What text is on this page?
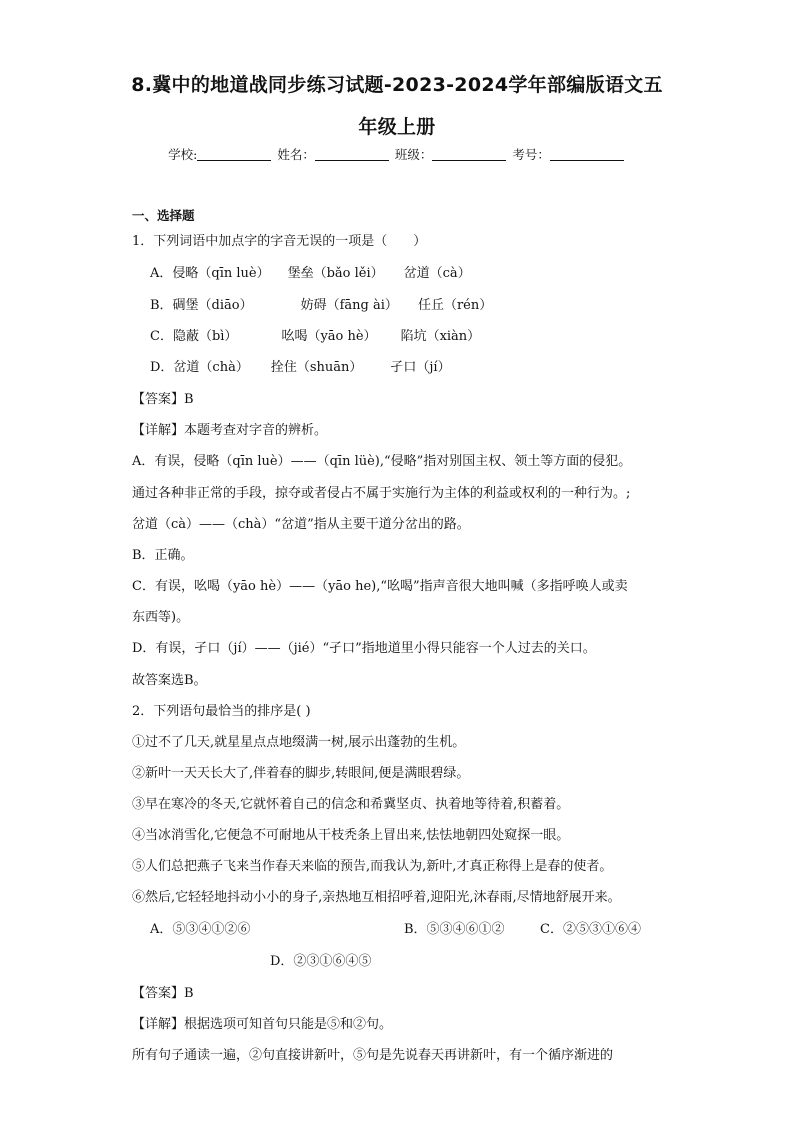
8.冀中的地道战同步练习试题-2023-2024学年部编版语文五
年级上册
学校:	姓名：	班级：	考号：
一、选择题
1．下列词语中加点字的字音无误的一项是（　　）
A．侵略（qīn luè） 堡垒（bǎo lěi） 岔道（cà）
B．碉堡（diāo）	妨碍（fāng ài） 任丘（rén）
C．隐蔽（bì）	吆喝（yāo hè） 陷坑（xiàn）
D．岔道（chà） 拴住（shuān） 孑口（jí）
【答案】B
【详解】本题考查对字音的辨析。
A．有误，侵略（qīn luè）——（qīn lüè),“侵略”指对别国主权、领土等方面的侵犯。
通过各种非正常的手段，掠夺或者侵占不属于实施行为主体的利益或权利的一种行为。;
岔道（cà）——（chà）“岔道”指从主要干道分岔出的路。
B．正确。
C．有误，吆喝（yāo hè）——（yāo he),“吆喝”指声音很大地叫喊（多指呼唤人或卖
东西等)。
D．有误，孑口（jí）——（jié）“孑口”指地道里小得只能容一个人过去的关口。
故答案选B。
2．下列语句最恰当的排序是( )
①过不了几天,就星星点点地缀满一树,展示出蓬勃的生机。
②新叶一天天长大了,伴着春的脚步,转眼间,便是满眼碧绿。
③早在寒冷的冬天,它就怀着自己的信念和希冀坚贞、执着地等待着,积蓄着。
④当冰消雪化,它便急不可耐地从干枝秃条上冒出来,怯怯地朝四处窥探一眼。
⑤人们总把燕子飞来当作春天来临的预告,而我认为,新叶,才真正称得上是春的使者。
⑥然后,它轻轻地抖动小小的身子,亲热地互相招呼着,迎阳光,沐春雨,尽情地舒展开来。
A．⑤③④①②⑥	B．⑤③④⑥①②	C．②⑤③①⑥④
D．②③①⑥④⑤
【答案】B
【详解】根据选项可知首句只能是⑤和②句。
所有句子通读一遍，②句直接讲新叶，⑤句是先说春天再讲新叶，有一个循序渐进的
